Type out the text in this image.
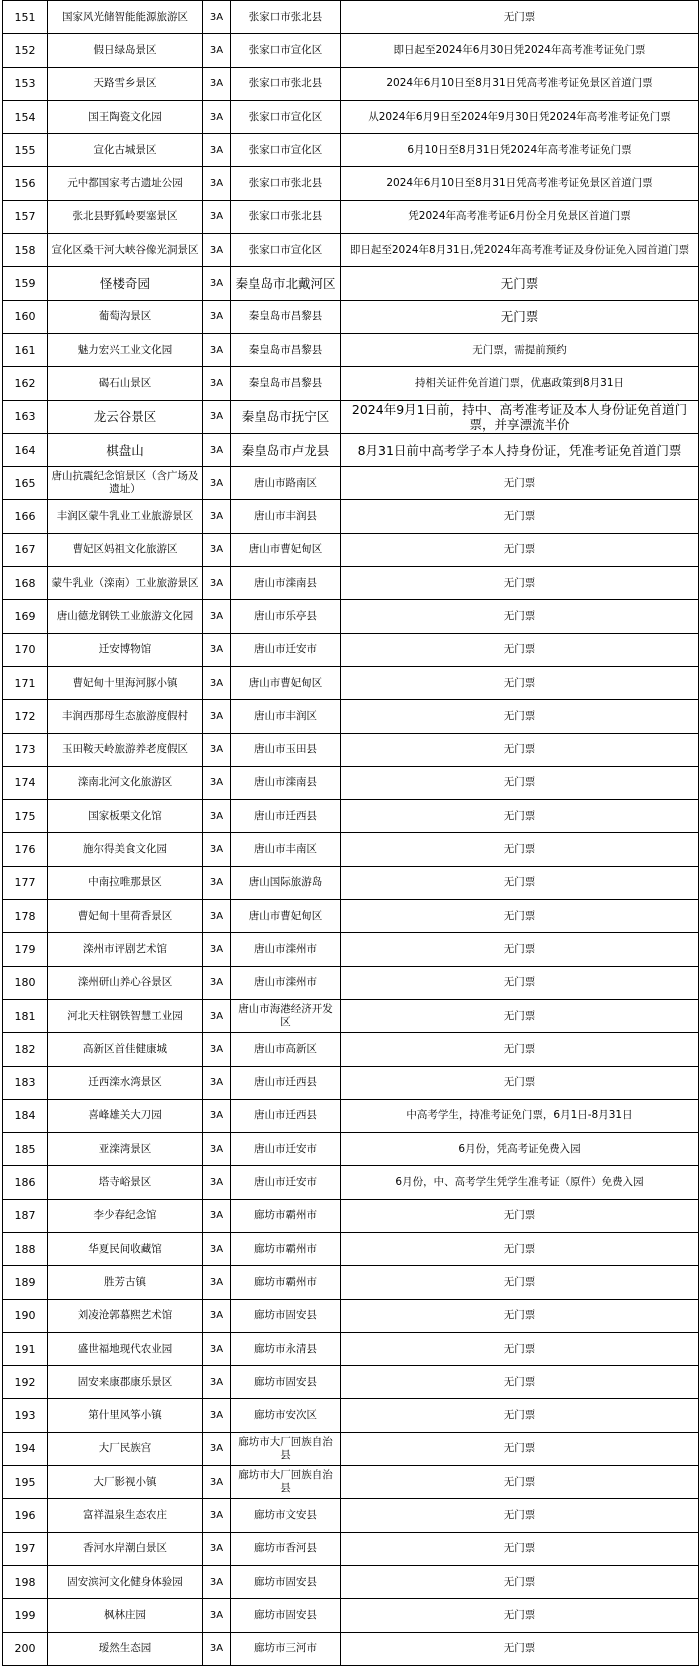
151	国家风光储智能能源旅游区	3A	张家口市张北县	无门票
152	假日绿岛景区	3A	张家口市宣化区	即日起至2024年6月30日凭2024年高考准考证免门票
153	天路雪乡景区	3A	张家口市张北县	2024年6月10日至8月31日凭高考准考证免景区首道门票
154	国王陶瓷文化园	3A	张家口市宣化区	从2024年6月9日至2024年9月30日凭2024年高考准考证免门票
155	宣化古城景区	3A	张家口市宣化区	6月10日至8月31日凭2024年高考准考证免门票
156	元中都国家考古遗址公园	3A	张家口市张北县	2024年6月10日至8月31日凭高考准考证免景区首道门票
157	张北县野狐岭要塞景区	3A	张家口市张北县	凭2024年高考准考证6月份全月免景区首道门票
158	宣化区桑干河大峡谷像光洞景区	3A	张家口市宣化区	即日起至2024年8月31日,凭2024年高考准考证及身份证免入园首道门票
159	怪楼奇园	3A	秦皇岛市北戴河区	无门票
160	葡萄沟景区	3A	秦皇岛市昌黎县	无门票
161	魅力宏兴工业文化园	3A	秦皇岛市昌黎县	无门票，需提前预约
162	碣石山景区	3A	秦皇岛市昌黎县	持相关证件免首道门票，优惠政策到8月31日
163	龙云谷景区	3A	秦皇岛市抚宁区	2024年9月1日前，持中、高考准考证及本人身份证免首道门票，并享漂流半价
164	棋盘山	3A	秦皇岛市卢龙县	8月31日前中高考学子本人持身份证，凭准考证免首道门票
165	唐山抗震纪念馆景区（含广场及遗址）	3A	唐山市路南区	无门票
166	丰润区蒙牛乳业工业旅游景区	3A	唐山市丰润县	无门票
167	曹妃区妈祖文化旅游区	3A	唐山市曹妃甸区	无门票
168	蒙牛乳业（滦南）工业旅游景区	3A	唐山市滦南县	无门票
169	唐山德龙钢铁工业旅游文化园	3A	唐山市乐亭县	无门票
170	迁安博物馆	3A	唐山市迁安市	无门票
171	曹妃甸十里海河豚小镇	3A	唐山市曹妃甸区	无门票
172	丰润西那母生态旅游度假村	3A	唐山市丰润区	无门票
173	玉田鞍天岭旅游养老度假区	3A	唐山市玉田县	无门票
174	滦南北河文化旅游区	3A	唐山市滦南县	无门票
175	国家板栗文化馆	3A	唐山市迁西县	无门票
176	施尔得美食文化园	3A	唐山市丰南区	无门票
177	中南拉唯那景区	3A	唐山国际旅游岛	无门票
178	曹妃甸十里荷香景区	3A	唐山市曹妃甸区	无门票
179	滦州市评剧艺术馆	3A	唐山市滦州市	无门票
180	滦州研山养心谷景区	3A	唐山市滦州市	无门票
181	河北天柱钢铁智慧工业园	3A	唐山市海港经济开发区	无门票
182	高新区首佳健康城	3A	唐山市高新区	无门票
183	迁西滦水湾景区	3A	唐山市迁西县	无门票
184	喜峰雄关大刀园	3A	唐山市迁西县	中高考学生，持准考证免门票，6月1日-8月31日
185	亚滦湾景区	3A	唐山市迁安市	6月份，凭高考证免费入园
186	塔寺峪景区	3A	唐山市迁安市	6月份，中、高考学生凭学生准考证（原件）免费入园
187	李少春纪念馆	3A	廊坊市霸州市	无门票
188	华夏民间收藏馆	3A	廊坊市霸州市	无门票
189	胜芳古镇	3A	廊坊市霸州市	无门票
190	刘凌沧郭慕熙艺术馆	3A	廊坊市固安县	无门票
191	盛世福地现代农业园	3A	廊坊市永清县	无门票
192	固安来康郡康乐景区	3A	廊坊市固安县	无门票
193	第什里风筝小镇	3A	廊坊市安次区	无门票
194	大厂民族宫	3A	廊坊市大厂回族自治县	无门票
195	大厂影视小镇	3A	廊坊市大厂回族自治县	无门票
196	富祥温泉生态农庄	3A	廊坊市文安县	无门票
197	香河水岸潮白景区	3A	廊坊市香河县	无门票
198	固安滨河文化健身体验园	3A	廊坊市固安县	无门票
199	枫林庄园	3A	廊坊市固安县	无门票
200	瑷然生态园	3A	廊坊市三河市	无门票
